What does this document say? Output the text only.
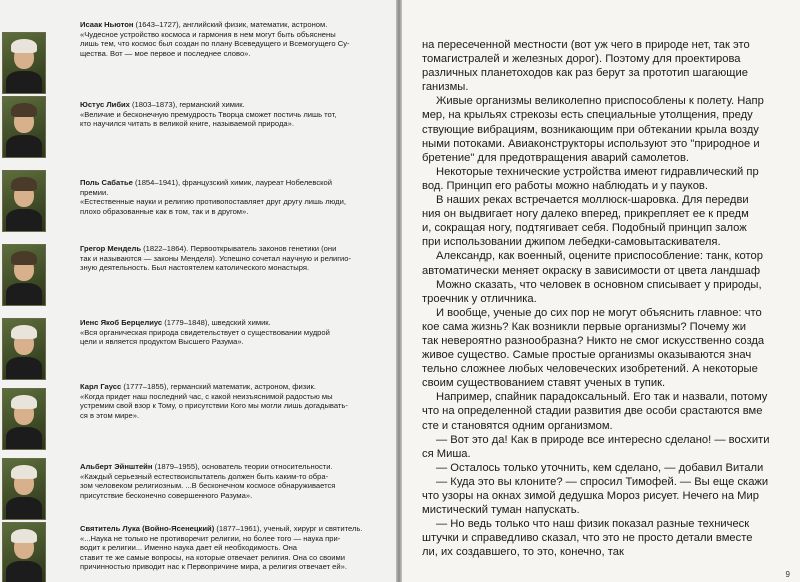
Исаак Ньютон (1643–1727), английский физик, математик, астроном.
«Чудесное устройство космоса и гармония в нем могут быть объяснены
лишь тем, что космос был создан по плану Всеведущего и Всемогущего Су-
щества. Вот — мое первое и последнее слово».
Юстус Либих (1803–1873), германский химик.
«Величие и бесконечную премудрость Творца сможет постичь лишь тот,
кто научился читать в великой книге, называемой природа».
Поль Сабатье (1854–1941), французский химик, лауреат Нобелевской
премии.
«Естественные науки и религию противопоставляет друг другу лишь люди,
плохо образованные как в том, так и в другом».
Грегор Мендель (1822–1864). Первооткрыватель законов генетики (они
так и называются — законы Менделя). Успешно сочетал научную и религио-
зную деятельность. Был настоятелем католического монастыря.
Иенс Якоб Берцелиус (1779–1848), шведский химик.
«Вся органическая природа свидетельствует о существовании мудрой
цели и является продуктом Высшего Разума».
Карл Гаусс (1777–1855), германский математик, астроном, физик.
«Когда придет наш последний час, с какой неизъяснимой радостью мы
устремим свой взор к Тому, о присутствии Кого мы могли лишь догадывать-
ся в этом мире».
Альберт Эйнштейн (1879–1955), основатель теории относительности.
«Каждый серьезный естествоиспытатель должен быть каким-то обра-
зом человеком религиозным. ...В бесконечном космосе обнаруживается
присутствие бесконечно совершенного Разума».
Святитель Лука (Войно-Ясенецкий) (1877–1961), ученый, хирург и святитель.
«...Наука не только не противоречит религии, но более того — наука при-
водит к религии... Именно наука дает ей необходимость. Она
ставит те же самые вопросы, на которые отвечает религия. Она со своими
причинностью приводит нас к Первопричине мира, а религия отвечает ей».
на пересеченной местности (вот уж чего в природе нет, так это
томагистралей и железных дорог). Поэтому для проектирова
различных планетоходов как раз берут за прототип шагающие
ганизмы.
Живые организмы великолепно приспособлены к полету. Напр
мер, на крыльях стрекозы есть специальные утолщения, преду
ствующие вибрациям, возникающим при обтекании крыла возду
ными потоками. Авиаконструкторы используют это "природное и
бретение" для предотвращения аварий самолетов.
Некоторые технические устройства имеют гидравлический пр
вод. Принцип его работы можно наблюдать и у пауков.
В наших реках встречается моллюск-шаровка. Для передви
ния он выдвигает ногу далеко вперед, прикрепляет ее к предм
и, сокращая ногу, подтягивает себя. Подобный принцип залож
при использовании джипом лебедки-самовытаскивателя.
Александр, как военный, оцените приспособление: танк, котор
автоматически меняет окраску в зависимости от цвета ландшаф
Можно сказать, что человек в основном списывает у природы,
троечник у отличника.
И вообще, ученые до сих пор не могут объяснить главное: что
кое сама жизнь? Как возникли первые организмы? Почему жи
так невероятно разнообразна? Никто не смог искусственно созда
живое существо. Самые простые организмы оказываются знач
тельно сложнее любых человеческих изобретений. А некоторые
своим существованием ставят ученых в тупик.
Например, спайник парадоксальный. Его так и назвали, потому
что на определенной стадии развития две особи срастаются вме
сте и становятся одним организмом.
— Вот это да! Как в природе все интересно сделано! — восхити
ся Миша.
— Осталось только уточнить, кем сделано, — добавил Витали
— Куда это вы клоните? — спросил Тимофей. — Вы еще скажи
что узоры на окнах зимой дедушка Мороз рисует. Нечего на Мир
мистический туман напускать.
— Но ведь только что наш физик показал разные техническ
штучки и справедливо сказал, что это не просто детали вместе
ли, их создавшего, то это, конечно, так
9
